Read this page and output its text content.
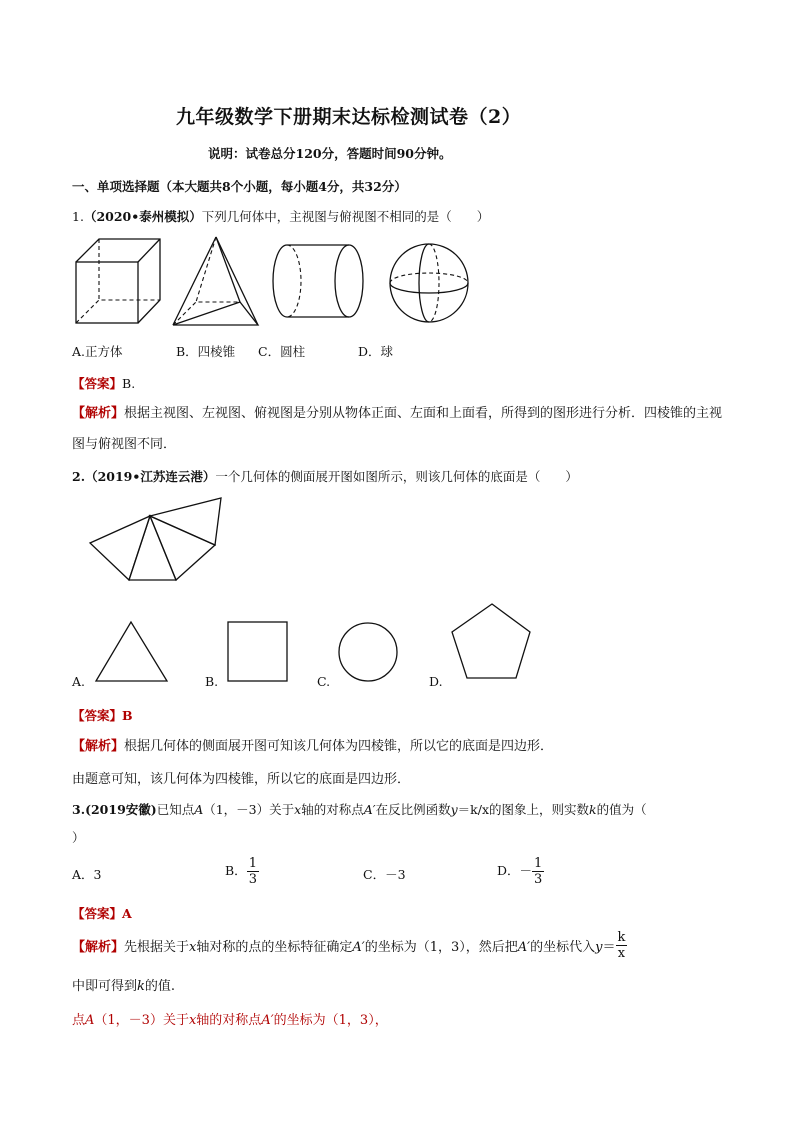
九年级数学下册期末达标检测试卷（2）
说明：试卷总分120分，答题时间90分钟。
一、单项选择题（本大题共8个小题，每小题4分，共32分）
1.（2020•泰州模拟）下列几何体中，主视图与俯视图不相同的是（　　）
A.正方体	B．四棱锥 C．圆柱	D．球
【答案】B.
【解析】根据主视图、左视图、俯视图是分别从物体正面、左面和上面看，所得到的图形进行分析．四棱锥的主视图与俯视图不同．
2.（2019•江苏连云港）一个几何体的侧面展开图如图所示，则该几何体的底面是（　　）
A.	B.	C.	D.
【答案】B
【解析】根据几何体的侧面展开图可知该几何体为四棱锥，所以它的底面是四边形．
由题意可知，该几何体为四棱锥，所以它的底面是四边形．
3.(2019安徽)已知点A（1，－3）关于x轴的对称点A′在反比例函数y＝k/x的图象上，则实数k的值为（
）
A．3	B． $\frac{1}{3}$	C．－3	D．－ $\frac{1}{3}$
【答案】A
【解析】先根据关于x轴对称的点的坐标特征确定A′的坐标为（1，3），然后把A′的坐标代入$y= \frac{k}{x}$
中即可得到k的值.
点A（1，－3）关于x轴的对称点A′的坐标为（1，3），
